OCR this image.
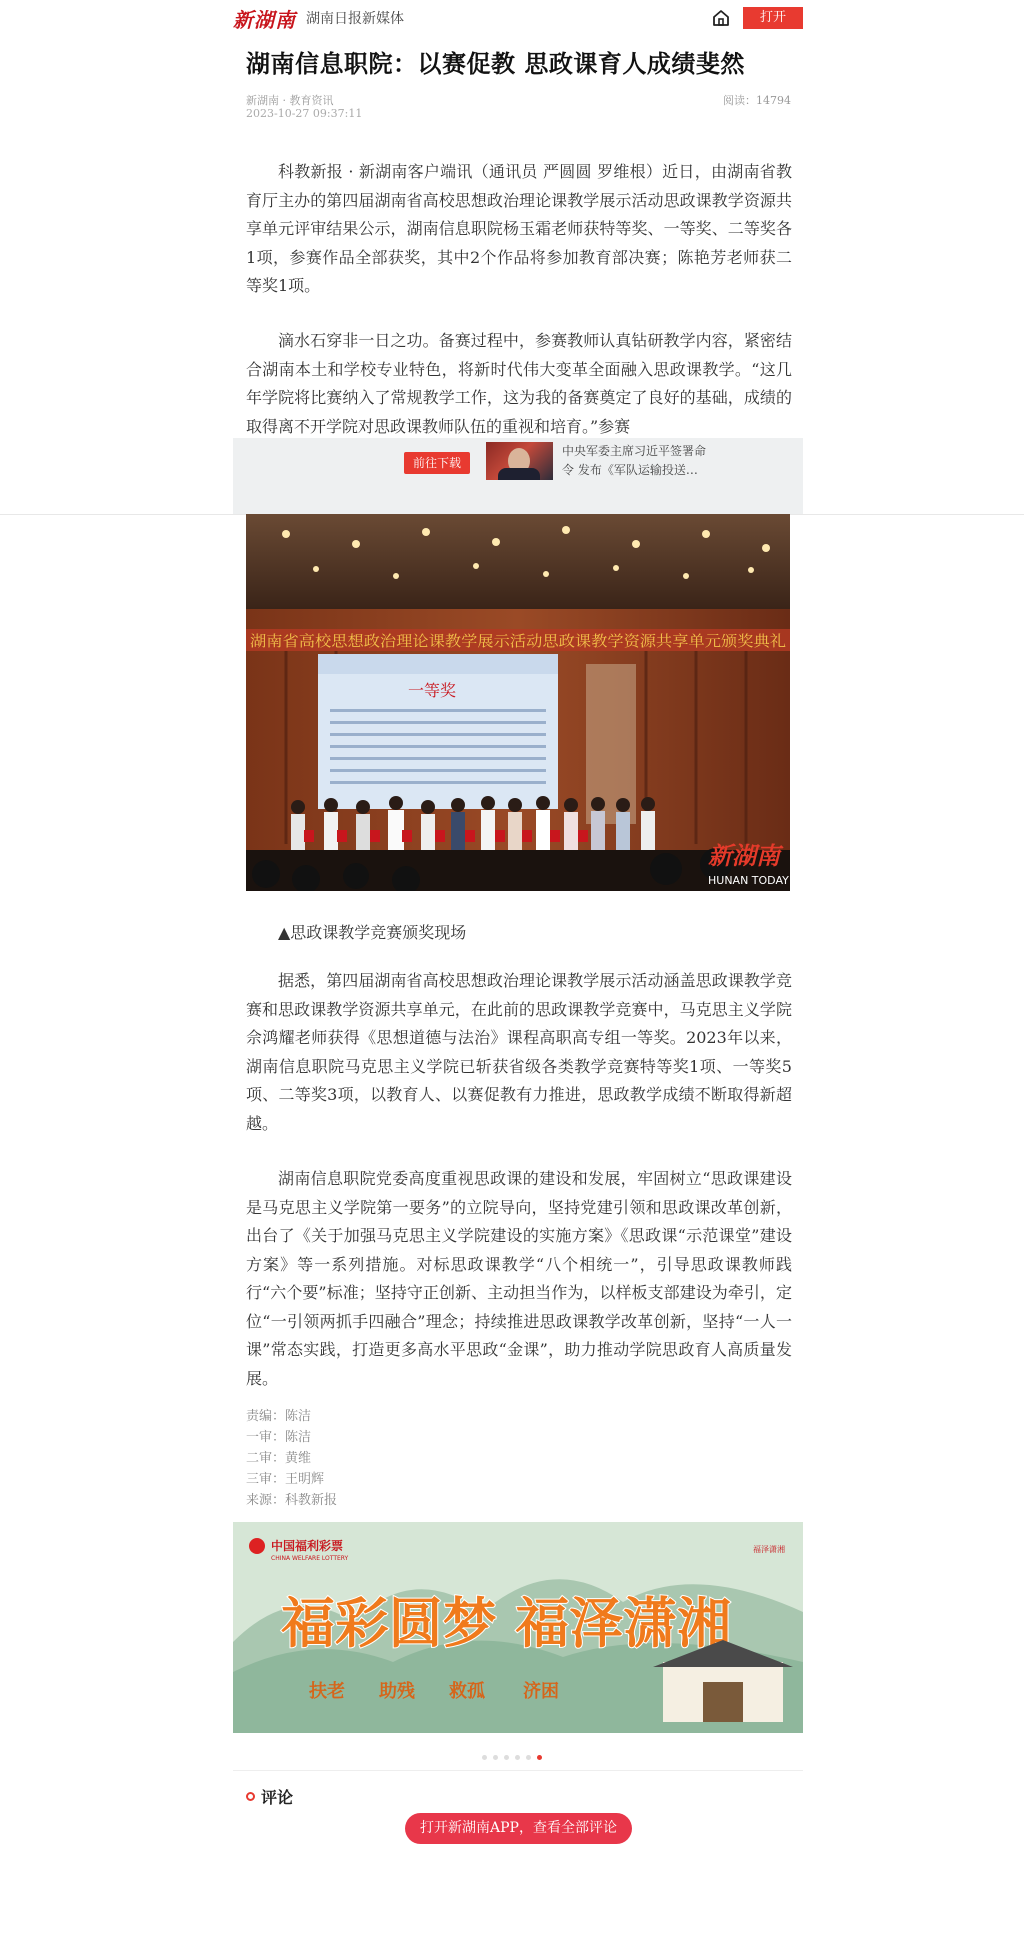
新湖南 湖南日报新媒体	打开
湖南信息职院：以赛促教 思政课育人成绩斐然
新湖南 · 教育资讯
2023-10-27 09:37:11
阅读：14794

科教新报 · 新湖南客户端讯（通讯员 严圆圆 罗维根）近日，由湖南省教育厅主办的第四届湖南省高校思想政治理论课教学展示活动思政课教学资源共享单元评审结果公示，湖南信息职院杨玉霜老师获特等奖、一等奖、二等奖各1项，参赛作品全部获奖，其中2个作品将参加教育部决赛；陈艳芳老师获二等奖1项。

滴水石穿非一日之功。备赛过程中，参赛教师认真钻研教学内容，紧密结合湖南本土和学校专业特色，将新时代伟大变革全面融入思政课教学。“这几年学院将比赛纳入了常规教学工作，这为我的备赛奠定了良好的基础，成绩的取得离不开学院对思政课教师队伍的重视和培育。”参赛

前往下载
中央军委主席习近平签署命
令 发布《军队运输投送…
湖南省高校思想政治理论课教学展示活动思政课教学资源共享单元颁奖典礼
一等奖
新湖南
HUNAN TODAY
▲思政课教学竞赛颁奖现场

据悉，第四届湖南省高校思想政治理论课教学展示活动涵盖思政课教学竞赛和思政课教学资源共享单元，在此前的思政课教学竞赛中，马克思主义学院佘鸿耀老师获得《思想道德与法治》课程高职高专组一等奖。2023年以来，湖南信息职院马克思主义学院已斩获省级各类教学竞赛特等奖1项、一等奖5项、二等奖3项，以教育人、以赛促教有力推进，思政教学成绩不断取得新超越。

湖南信息职院党委高度重视思政课的建设和发展，牢固树立“思政课建设是马克思主义学院第一要务”的立院导向，坚持党建引领和思政课改革创新，出台了《关于加强马克思主义学院建设的实施方案》《思政课“示范课堂”建设方案》等一系列措施。对标思政课教学“八个相统一”，引导思政课教师践行“六个要”标准；坚持守正创新、主动担当作为，以样板支部建设为牵引，定位“一引领两抓手四融合”理念；持续推进思政课教学改革创新，坚持“一人一课”常态实践，打造更多高水平思政“金课”，助力推动学院思政育人高质量发展。

责编：陈洁
一审：陈洁
二审：黄维
三审：王明辉
来源：科教新报
中国福利彩票
CHINA WELFARE LOTTERY
福泽潇湘
福彩圆梦 福泽潇湘
扶老 助残 救孤 济困
评论
打开新湖南APP，查看全部评论
